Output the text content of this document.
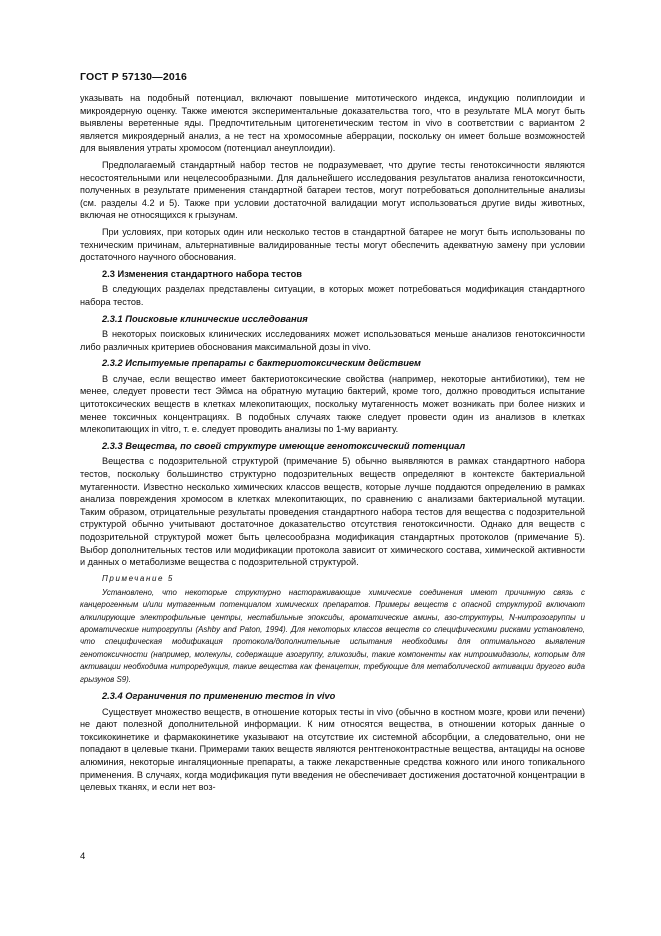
ГОСТ Р 57130—2016

указывать на подобный потенциал, включают повышение митотического индекса, индукцию полиплоидии и микроядерную оценку. Также имеются экспериментальные доказательства того, что в результате MLA могут быть выявлены веретенные яды. Предпочтительным цитогенетическим тестом in vivo в соответствии с вариантом 2 является микроядерный анализ, а не тест на хромосомные аберрации, поскольку он имеет больше возможностей для выявления утраты хромосом (потенциал анеуплоидии).

Предполагаемый стандартный набор тестов не подразумевает, что другие тесты генотоксичности являются несостоятельными или нецелесообразными. Для дальнейшего исследования результатов анализа генотоксичности, полученных в результате применения стандартной батареи тестов, могут потребоваться дополнительные анализы (см. разделы 4.2 и 5). Также при условии достаточной валидации могут использоваться другие виды животных, включая не относящихся к грызунам.

При условиях, при которых один или несколько тестов в стандартной батарее не могут быть использованы по техническим причинам, альтернативные валидированные тесты могут обеспечить адекватную замену при условии достаточного научного обоснования.

2.3 Изменения стандартного набора тестов

В следующих разделах представлены ситуации, в которых может потребоваться модификация стандартного набора тестов.

2.3.1 Поисковые клинические исследования

В некоторых поисковых клинических исследованиях может использоваться меньше анализов генотоксичности либо различных критериев обоснования максимальной дозы in vivo.

2.3.2 Испытуемые препараты с бактериотоксическим действием

В случае, если вещество имеет бактериотоксические свойства (например, некоторые антибиотики), тем не менее, следует провести тест Эймса на обратную мутацию бактерий, кроме того, должно проводиться испытание цитотоксических веществ в клетках млекопитающих, поскольку мутагенность может возникать при более низких и менее токсичных концентрациях. В подобных случаях также следует провести один из анализов в клетках млекопитающих in vitro, т. е. следует проводить анализы по 1-му варианту.

2.3.3 Вещества, по своей структуре имеющие генотоксический потенциал

Вещества с подозрительной структурой (примечание 5) обычно выявляются в рамках стандартного набора тестов, поскольку большинство структурно подозрительных веществ определяют в контексте бактериальной мутагенности. Известно несколько химических классов веществ, которые лучше поддаются определению в рамках анализа повреждения хромосом в клетках млекопитающих, по сравнению с анализами бактериальной мутации. Таким образом, отрицательные результаты проведения стандартного набора тестов для вещества с подозрительной структурой обычно учитывают достаточное доказательство отсутствия генотоксичности. Однако для веществ с подозрительной структурой может быть целесообразна модификация стандартных протоколов (примечание 5). Выбор дополнительных тестов или модификации протокола зависит от химического состава, химической активности и данных о метаболизме вещества с подозрительной структурой.

Примечание 5

Установлено, что некоторые структурно настораживающие химические соединения имеют причинную связь с канцерогенным и/или мутагенным потенциалом химических препаратов. Примеры веществ с опасной структурой включают алкилирующие электрофильные центры, нестабильные эпоксиды, ароматические амины, азо-структуры, N-нитрозогруппы и ароматические нитрогруппы (Ashby and Paton, 1994). Для некоторых классов веществ со специфическими рисками установлено, что специфическая модификация протокола/дополнительные испытания необходимы для оптимального выявления генотоксичности (например, молекулы, содержащие азогруппу, гликозиды, такие компоненты как нитроимидазолы, которым для активации необходима нитроредукция, такие вещества как фенацетин, требующие для метаболической активации другого вида грызунов S9).

2.3.4 Ограничения по применению тестов in vivo

Существует множество веществ, в отношение которых тесты in vivo (обычно в костном мозге, крови или печени) не дают полезной дополнительной информации. К ним относятся вещества, в отношении которых данные о токсикокинетике и фармакокинетике указывают на отсутствие их системной абсорбции, а следовательно, они не попадают в целевые ткани. Примерами таких веществ являются рентгеноконтрастные вещества, антациды на основе алюминия, некоторые ингаляционные препараты, а также лекарственные средства кожного или иного топикального применения. В случаях, когда модификация пути введения не обеспечивает достижения достаточной концентрации в целевых тканях, и если нет воз-

4
